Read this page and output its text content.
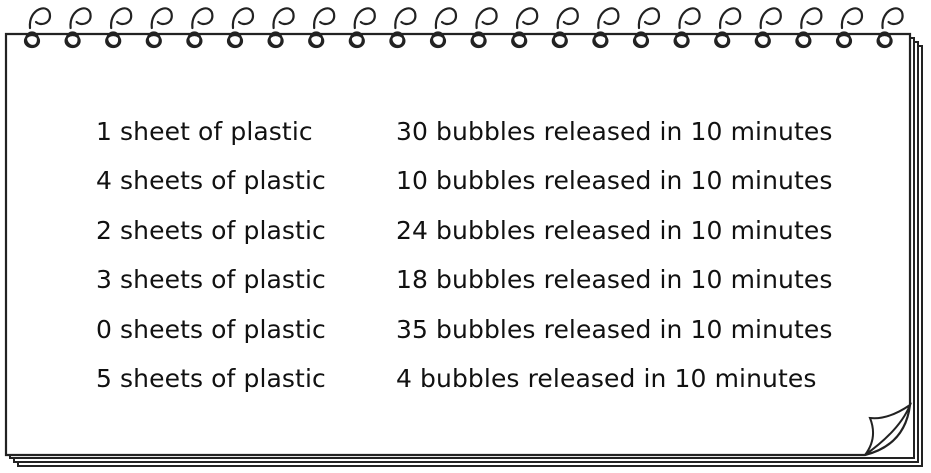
1 sheet of plastic	30 bubbles released in 10 minutes
4 sheets of plastic	10 bubbles released in 10 minutes
2 sheets of plastic	24 bubbles released in 10 minutes
3 sheets of plastic	18 bubbles released in 10 minutes
0 sheets of plastic	35 bubbles released in 10 minutes
5 sheets of plastic	4 bubbles released in 10 minutes
